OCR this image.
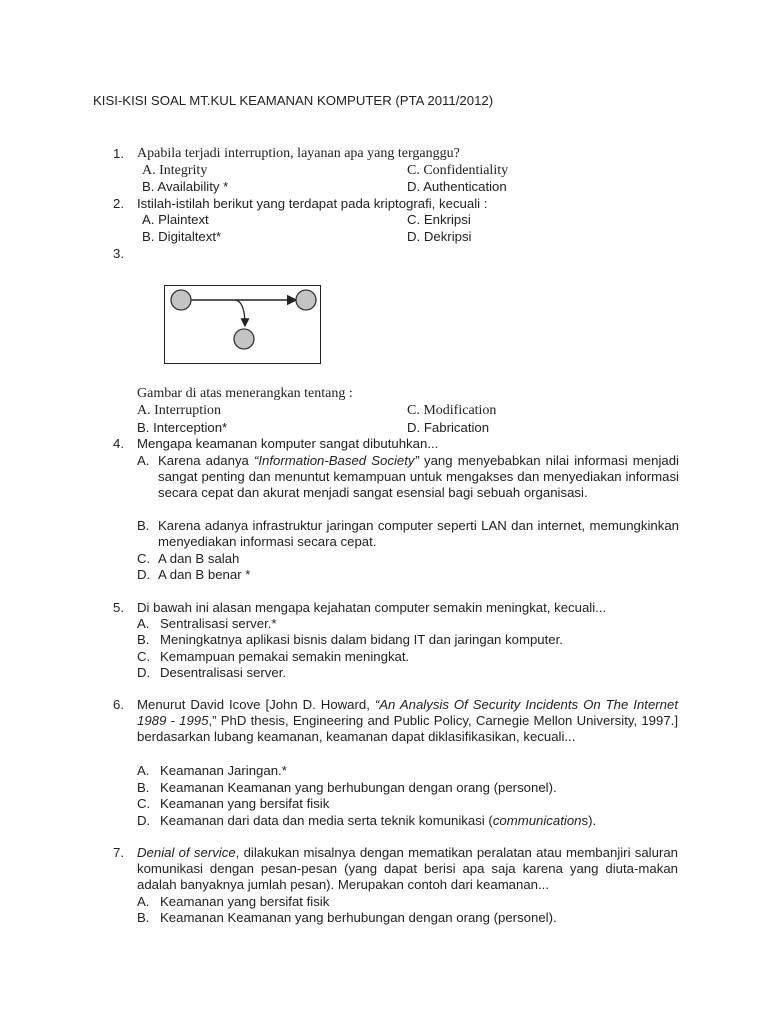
KISI-KISI SOAL MT.KUL KEAMANAN KOMPUTER (PTA 2011/2012)
1. Apabila terjadi interruption, layanan apa yang terganggu?
A. Integrity	C. Confidentiality
B. Availability *	D. Authentication
2. Istilah-istilah berikut yang terdapat pada kriptografi, kecuali :
A. Plaintext	C. Enkripsi
B. Digitaltext*	D. Dekripsi
3.
Gambar di atas menerangkan tentang :
A. Interruption	C. Modification
B. Interception*	D. Fabrication
4. Mengapa keamanan komputer sangat dibutuhkan...
A. Karena adanya “Information-Based Society” yang menyebabkan nilai informasi menjadi sangat penting dan menuntut kemampuan untuk mengakses dan menyediakan informasi secara cepat dan akurat menjadi sangat esensial bagi sebuah organisasi.
B. Karena adanya infrastruktur jaringan computer seperti LAN dan internet, memungkinkan menyediakan informasi secara cepat.
C. A dan B salah
D. A dan B benar *
5. Di bawah ini alasan mengapa kejahatan computer semakin meningkat, kecuali...
A. Sentralisasi server.*
B. Meningkatnya aplikasi bisnis dalam bidang IT dan jaringan komputer.
C. Kemampuan pemakai semakin meningkat.
D. Desentralisasi server.
6. Menurut David Icove [John D. Howard, “An Analysis Of Security Incidents On The Internet 1989 - 1995,” PhD thesis, Engineering and Public Policy, Carnegie Mellon University, 1997.] berdasarkan lubang keamanan, keamanan dapat diklasifikasikan, kecuali...
A. Keamanan Jaringan.*
B. Keamanan Keamanan yang berhubungan dengan orang (personel).
C. Keamanan yang bersifat fisik
D. Keamanan dari data dan media serta teknik komunikasi (communications).
7. Denial of service, dilakukan misalnya dengan mematikan peralatan atau membanjiri saluran komunikasi dengan pesan-pesan (yang dapat berisi apa saja karena yang diuta-makan adalah banyaknya jumlah pesan). Merupakan contoh dari keamanan...
A. Keamanan yang bersifat fisik
B. Keamanan Keamanan yang berhubungan dengan orang (personel).
